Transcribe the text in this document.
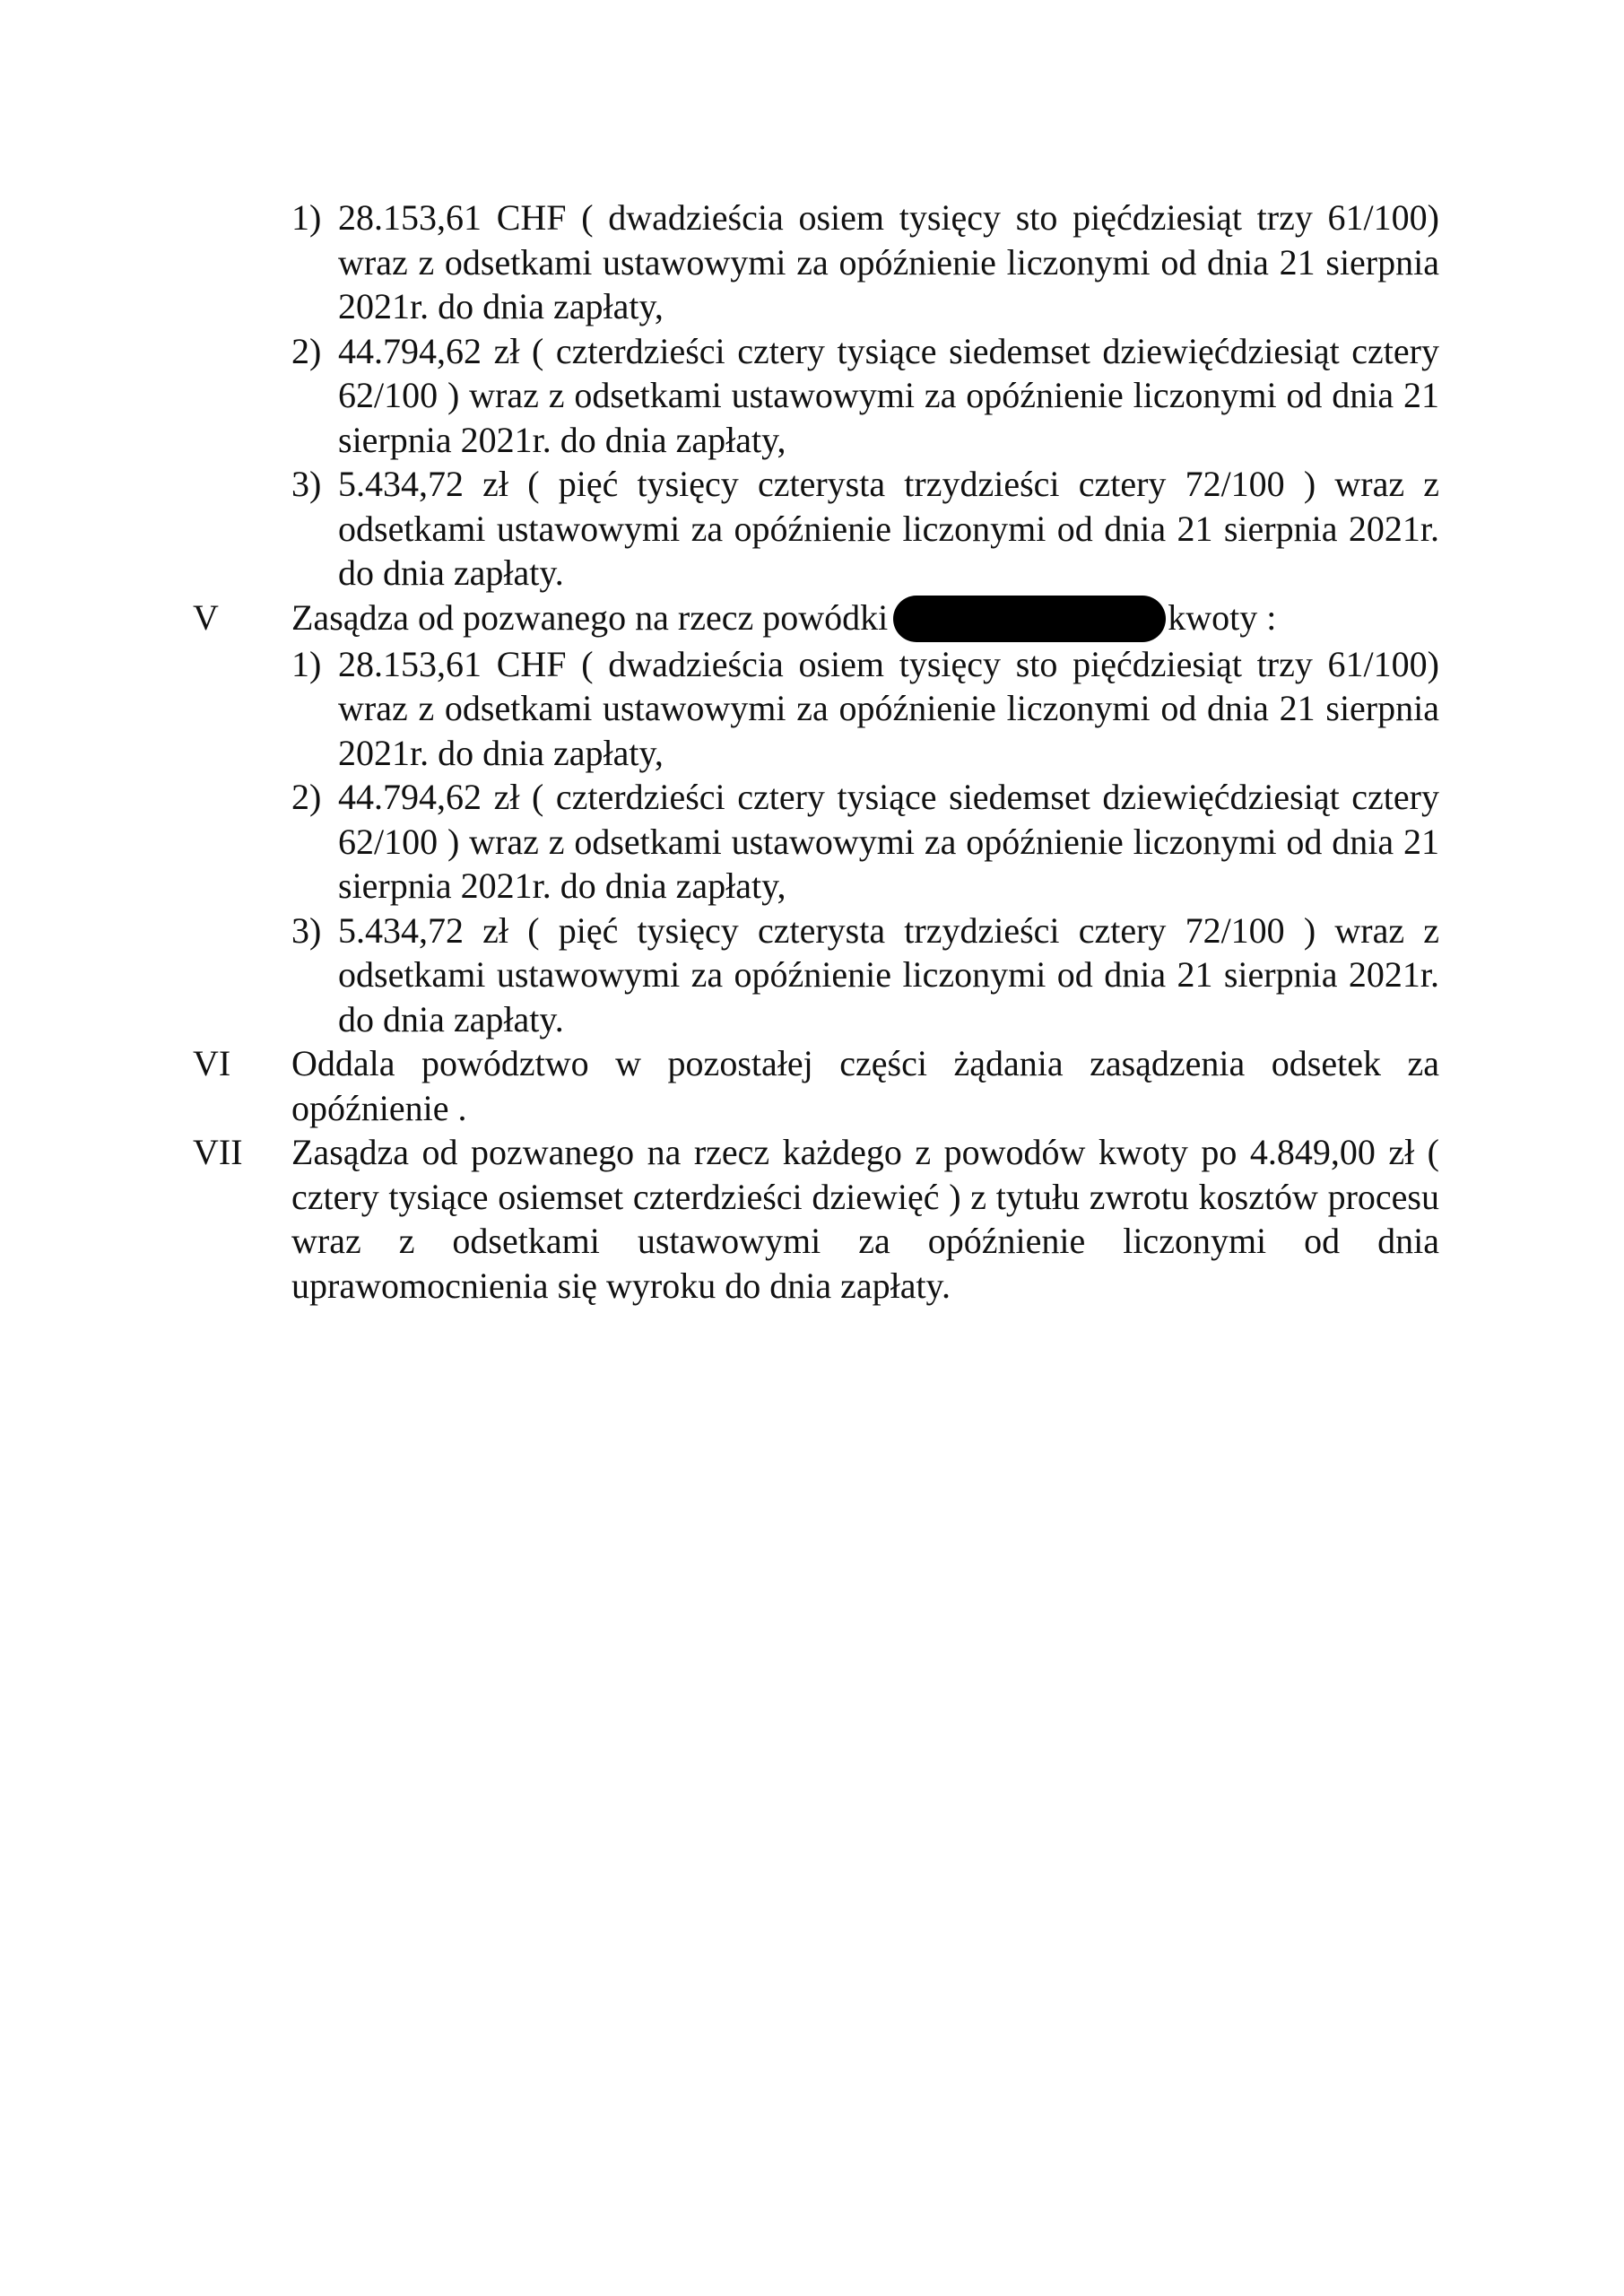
1) 28.153,61 CHF ( dwadzieścia osiem tysięcy sto pięćdziesiąt trzy 61/100) wraz z odsetkami ustawowymi za opóźnienie liczonymi od dnia 21 sierpnia 2021r. do dnia zapłaty,
2) 44.794,62 zł ( czterdzieści cztery tysiące siedemset dziewięćdziesiąt cztery 62/100 ) wraz z odsetkami ustawowymi za opóźnienie liczonymi od dnia 21 sierpnia 2021r. do dnia zapłaty,
3) 5.434,72 zł ( pięć tysięcy czterysta trzydzieści cztery 72/100 ) wraz z odsetkami ustawowymi za opóźnienie liczonymi od dnia 21 sierpnia 2021r. do dnia zapłaty.
V Zasądza od pozwanego na rzecz powódki	kwoty :
1) 28.153,61 CHF ( dwadzieścia osiem tysięcy sto pięćdziesiąt trzy 61/100) wraz z odsetkami ustawowymi za opóźnienie liczonymi od dnia 21 sierpnia 2021r. do dnia zapłaty,
2) 44.794,62 zł ( czterdzieści cztery tysiące siedemset dziewięćdziesiąt cztery 62/100 ) wraz z odsetkami ustawowymi za opóźnienie liczonymi od dnia 21 sierpnia 2021r. do dnia zapłaty,
3) 5.434,72 zł ( pięć tysięcy czterysta trzydzieści cztery 72/100 ) wraz z odsetkami ustawowymi za opóźnienie liczonymi od dnia 21 sierpnia 2021r. do dnia zapłaty.
VI Oddala powództwo w pozostałej części żądania zasądzenia odsetek za opóźnienie .
VII Zasądza od pozwanego na rzecz każdego z powodów kwoty po 4.849,00 zł ( cztery tysiące osiemset czterdzieści dziewięć ) z tytułu zwrotu kosztów procesu wraz z odsetkami ustawowymi za opóźnienie liczonymi od dnia uprawomocnienia się wyroku do dnia zapłaty.
